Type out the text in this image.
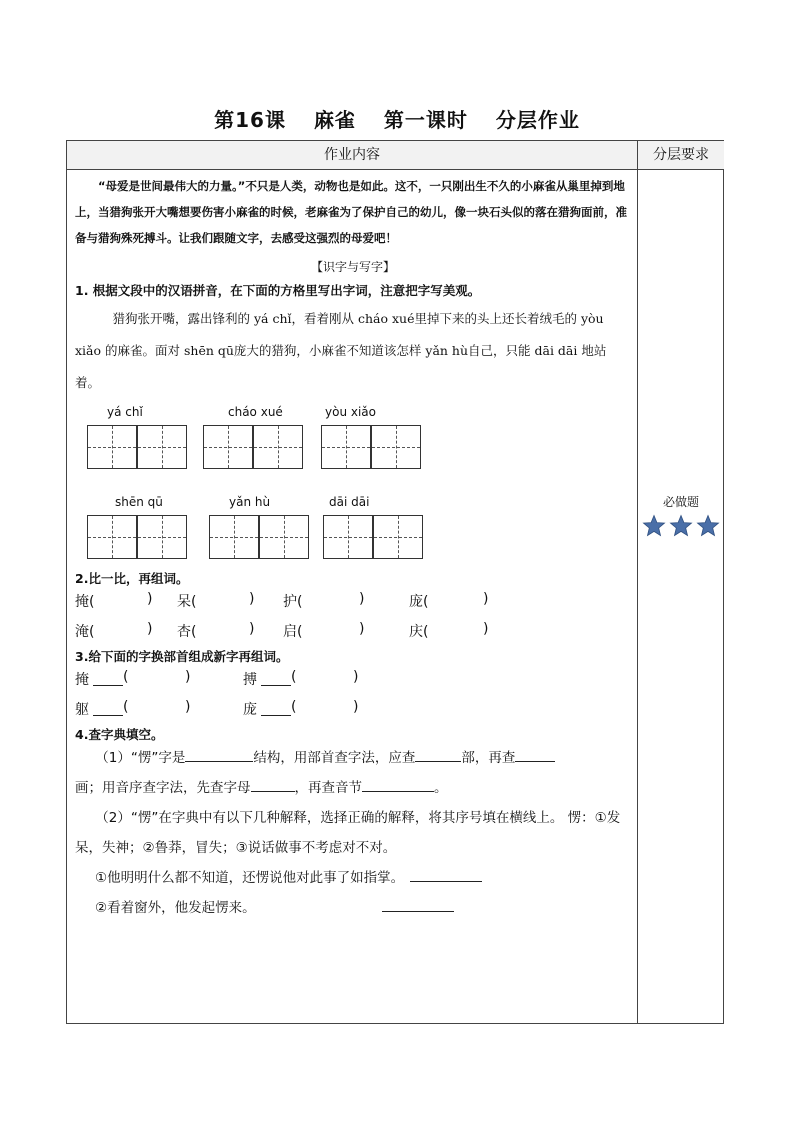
第16课 麻雀 第一课时 分层作业
作业内容	分层要求

“母爱是世间最伟大的力量。”不只是人类，动物也是如此。这不，一只刚出生不久的小麻雀从巢里掉到地上，当猎狗张开大嘴想要伤害小麻雀的时候，老麻雀为了保护自己的幼儿，像一块石头似的落在猎狗面前，准备与猎狗殊死搏斗。让我们跟随文字，去感受这强烈的母爱吧！

【识字与写字】

1. 根据文段中的汉语拼音，在下面的方格里写出字词，注意把字写美观。

猎狗张开嘴，露出锋利的 yá chǐ，看着刚从 cháo xué里掉下来的头上还长着绒毛的 yòu xiǎo 的麻雀。面对 shēn qū庞大的猎狗，小麻雀不知道该怎样 yǎn hù自己，只能 dāi dāi 地站着。

yá chǐ	cháo xué	yòu xiǎo
shēn qū	yǎn hù	dāi dāi

2.比一比，再组词。

掩(	) 呆(	) 护(	)	庞(	)
淹(	) 杏(	) 启(	)	庆(	)

3.给下面的字换部首组成新字再组词。

掩 (	)	搏 (	)
躯 (	)	庞 (	)

4.查字典填空。

（1）“愣”字是	结构，用部首查字法，应查	部，再查
画；用音序查字法，先查字母	，再查音节	。

（2）“愣”在字典中有以下几种解释，选择正确的解释，将其序号填在横线上。 愣：①发呆，失神；②鲁莽，冒失；③说话做事不考虑对不对。

①他明明什么都不知道，还愣说他对此事了如指掌。

②看着窗外，他发起愣来。

必做题
